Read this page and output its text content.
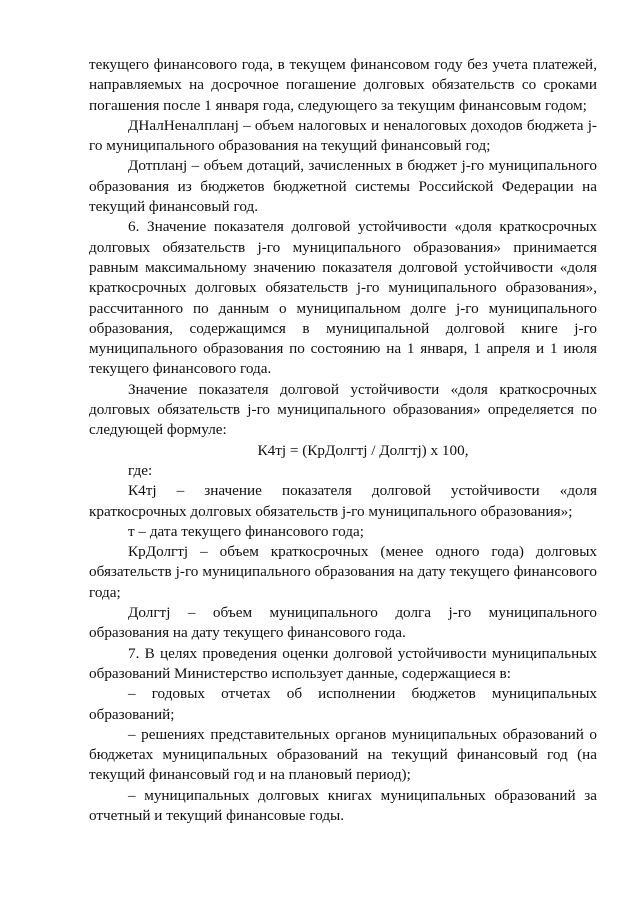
текущего финансового года, в текущем финансовом году без учета платежей, направляемых на досрочное погашение долговых обязательств со сроками погашения после 1 января года, следующего за текущим финансовым годом;

ДНалНеналпланj – объем налоговых и неналоговых доходов бюджета j-го муниципального образования на текущий финансовый год;

Дотпланj – объем дотаций, зачисленных в бюджет j-го муниципального образования из бюджетов бюджетной системы Российской Федерации на текущий финансовый год.

6. Значение показателя долговой устойчивости «доля краткосрочных долговых обязательств j-го муниципального образования» принимается равным максимальному значению показателя долговой устойчивости «доля краткосрочных долговых обязательств j-го муниципального образования», рассчитанного по данным о муниципальном долге j-го муниципального образования, содержащимся в муниципальной долговой книге j-го муниципального образования по состоянию на 1 января, 1 апреля и 1 июля текущего финансового года.

Значение показателя долговой устойчивости «доля краткосрочных долговых обязательств j-го муниципального образования» определяется по следующей формуле:

К4тj = (КрДолгтj / Долгтj) х 100,

где:

К4тj – значение показателя долговой устойчивости «доля краткосрочных долговых обязательств j-го муниципального образования»;

т – дата текущего финансового года;

КрДолгтj – объем краткосрочных (менее одного года) долговых обязательств j-го муниципального образования на дату текущего финансового года;

Долгтj – объем муниципального долга j-го муниципального образования на дату текущего финансового года.

7. В целях проведения оценки долговой устойчивости муниципальных образований Министерство использует данные, содержащиеся в:

– годовых отчетах об исполнении бюджетов муниципальных образований;

– решениях представительных органов муниципальных образований о бюджетах муниципальных образований на текущий финансовый год (на текущий финансовый год и на плановый период);

– муниципальных долговых книгах муниципальных образований за отчетный и текущий финансовые годы.
